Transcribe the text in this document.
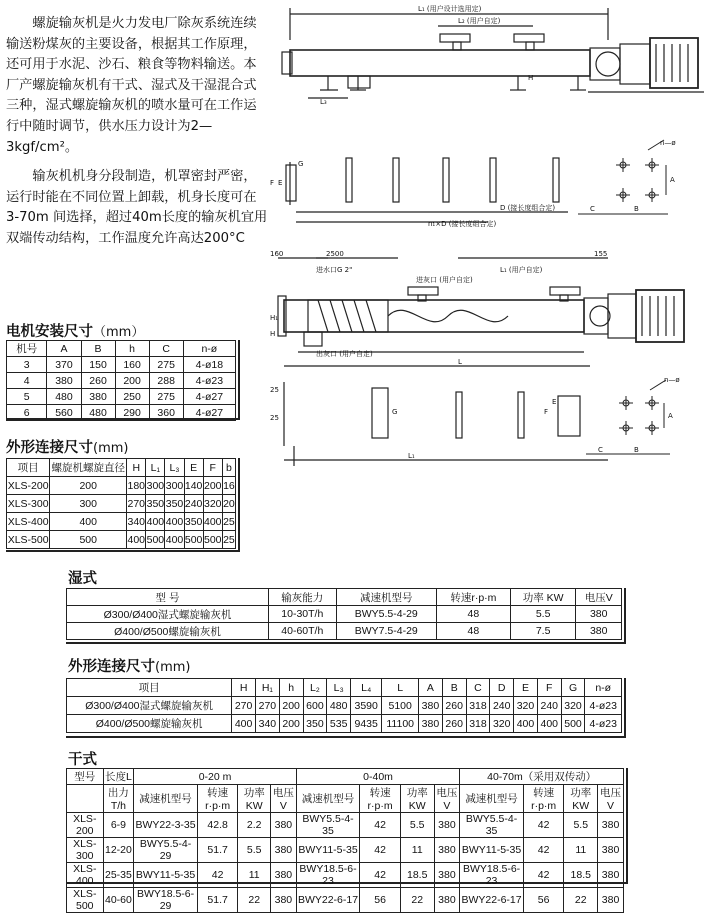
螺旋输灰机是火力发电厂除灰系统连续输送粉煤灰的主要设备，根据其工作原理，还可用于水泥、沙石、粮食等物料输送。本厂产螺旋输灰机有干式、湿式及干湿混合式三种，湿式螺旋输灰机的喷水量可在工作运行中随时调节，供水压力设计为2—3kgf/cm²。

输灰机机身分段制造，机罩密封严密， 运行时能在不同位置上卸载，机身长度可在3-70m 间选择，超过40m长度的输灰机宜用双端传动结构，工作温度允许高达200°C

L₁ (用户设计选用定)
L₂ (用户自定)
H
L₃
G
F E
n—ø
C	B
A
D (接长度组合定)
n₁×D (接长度组合定)
160	2500	155
进水口G 2"
进灰口 (用户自定)
L₁ (用户自定)
H₁
H
出灰口 (用户自定)
L
25
25
G	F
E
n—ø
A
C	B
L₁
电机安装尺寸（mm）
机号	A	B	h	C	n-ø
3	370	150	160	275	4-ø18
4	380	260	200	288	4-ø23
5	480	380	250	275	4-ø27
6	560	480	290	360	4-ø27
外形连接尺寸(mm)
项目	螺旋机螺旋直径	H	L₁	L₃	E	F	b
XLS-200	200	180	300	300	140	200	16
XLS-300	300	270	350	350	240	320	20
XLS-400	400	340	400	400	350	400	25
XLS-500	500	400	500	400	500	500	25
湿式
型 号	输灰能力	减速机型号	转速r·p·m	功率 KW	电压V
Ø300/Ø400湿式螺旋输灰机	10-30T/h	BWY5.5-4-29	48	5.5	380
Ø400/Ø500螺旋输灰机	40-60T/h	BWY7.5-4-29	48	7.5	380
外形连接尺寸(mm)
项目	H	H₁	h	L₂	L₃	L₄	L	A	B	C	D	E	F	G	n-ø
Ø300/Ø400湿式螺旋输灰机	270	270	200	600	480	3590	5100	380	260	318	240	320	240	320	4-ø23
Ø400/Ø500螺旋输灰机	400	340	200	350	535	9435	11100	380	260	318	320	400	400	500	4-ø23
干式
型号	长度L	0-20 m				0-40m				40-70m（采用双传动）			
	出力T/h	减速机型号	转速r·p·m	功率KW	电压V	减速机型号	转速r·p·m	功率KW	电压V	减速机型号	转速r·p·m	功率KW	电压V
XLS-200	6-9	BWY22-3-35	42.8	2.2	380	BWY5.5-4-35	42	5.5	380	BWY5.5-4-35	42	5.5	380
XLS-300	12-20	BWY5.5-4-29	51.7	5.5	380	BWY11-5-35	42	11	380	BWY11-5-35	42	11	380
XLS-400	25-35	BWY11-5-35	42	11	380	BWY18.5-6-23	42	18.5	380	BWY18.5-6-23	42	18.5	380
XLS-500	40-60	BWY18.5-6-29	51.7	22	380	BWY22-6-17	56	22	380	BWY22-6-17	56	22	380
